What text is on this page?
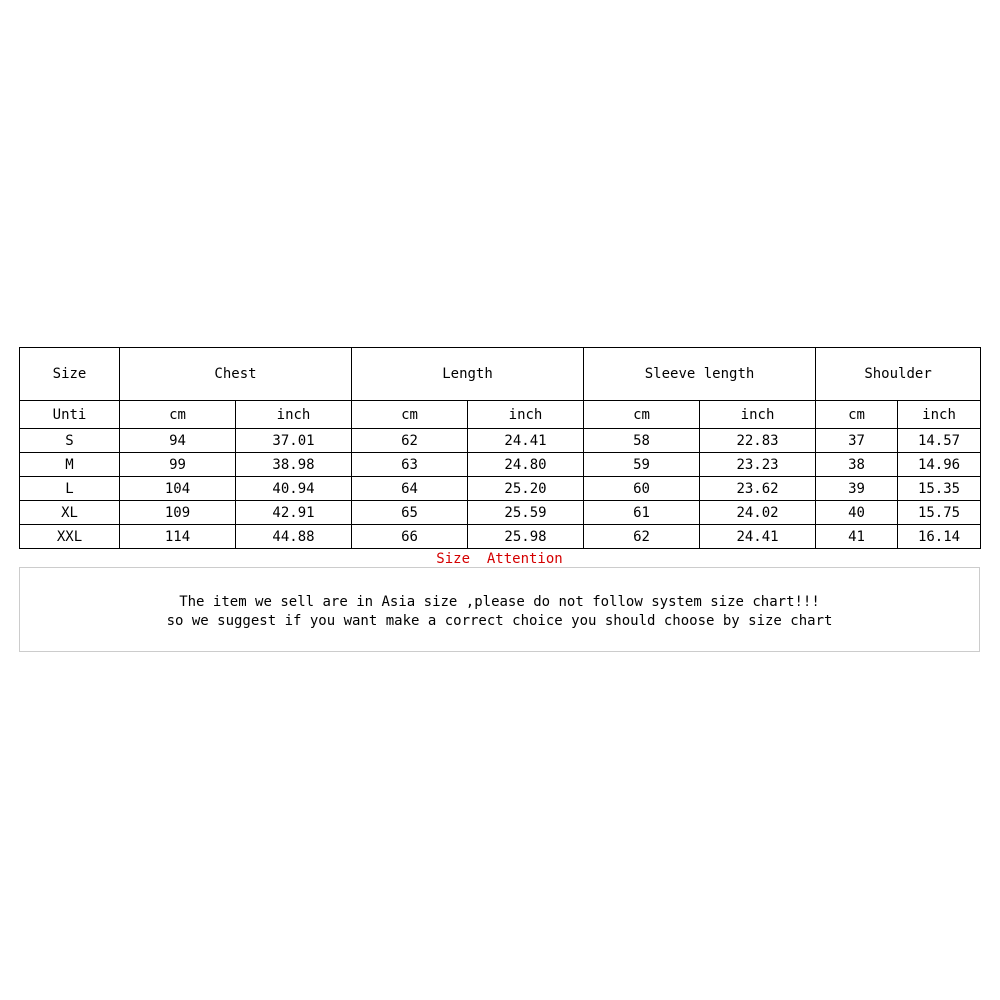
Size	Chest		Length		Sleeve length		Shoulder	
Unti	cm	inch	cm	inch	cm	inch	cm	inch
S	94	37.01	62	24.41	58	22.83	37	14.57
M	99	38.98	63	24.80	59	23.23	38	14.96
L	104	40.94	64	25.20	60	23.62	39	15.35
XL	109	42.91	65	25.59	61	24.02	40	15.75
XXL	114	44.88	66	25.98	62	24.41	41	16.14
Size  Attention
The item we sell are in Asia size ,please do not follow system size chart!!!
so we suggest if you want make a correct choice you should choose by size chart
